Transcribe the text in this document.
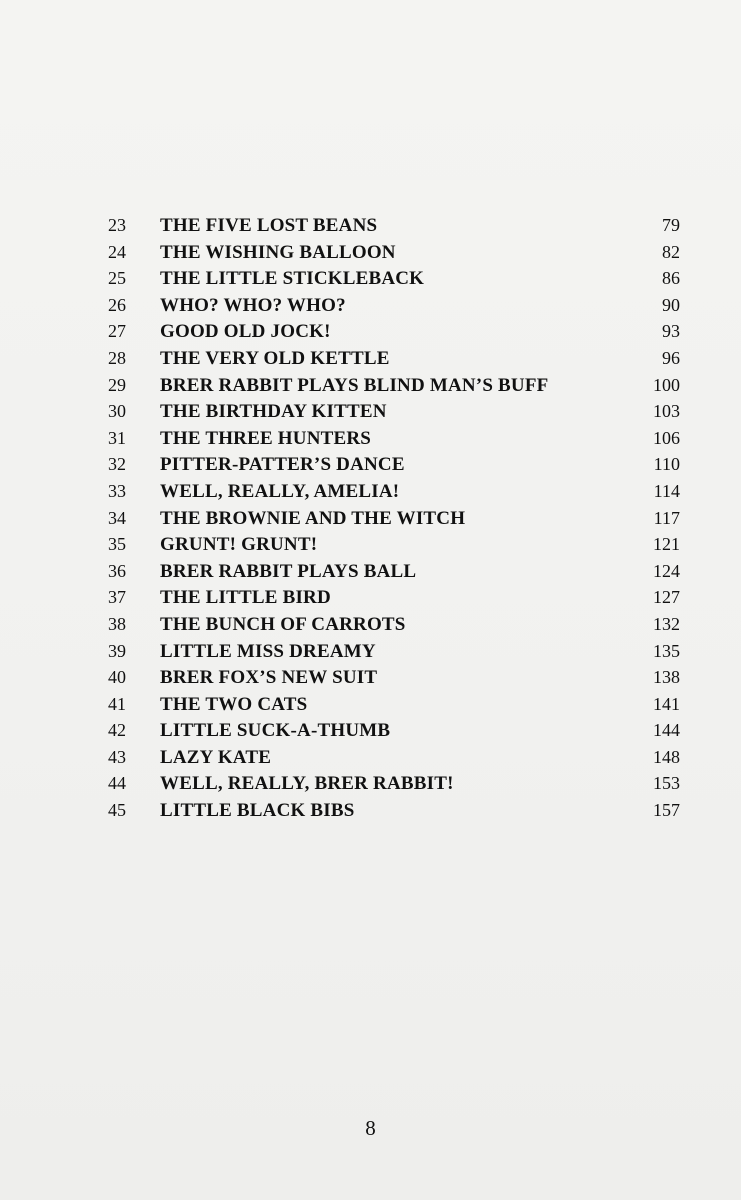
23	THE FIVE LOST BEANS	79
24	THE WISHING BALLOON	82
25	THE LITTLE STICKLEBACK	86
26	WHO? WHO? WHO?	90
27	GOOD OLD JOCK!	93
28	THE VERY OLD KETTLE	96
29	BRER RABBIT PLAYS BLIND MAN’S BUFF	100
30	THE BIRTHDAY KITTEN	103
31	THE THREE HUNTERS	106
32	PITTER-PATTER’S DANCE	110
33	WELL, REALLY, AMELIA!	114
34	THE BROWNIE AND THE WITCH	117
35	GRUNT! GRUNT!	121
36	BRER RABBIT PLAYS BALL	124
37	THE LITTLE BIRD	127
38	THE BUNCH OF CARROTS	132
39	LITTLE MISS DREAMY	135
40	BRER FOX’S NEW SUIT	138
41	THE TWO CATS	141
42	LITTLE SUCK-A-THUMB	144
43	LAZY KATE	148
44	WELL, REALLY, BRER RABBIT!	153
45	LITTLE BLACK BIBS	157
8
